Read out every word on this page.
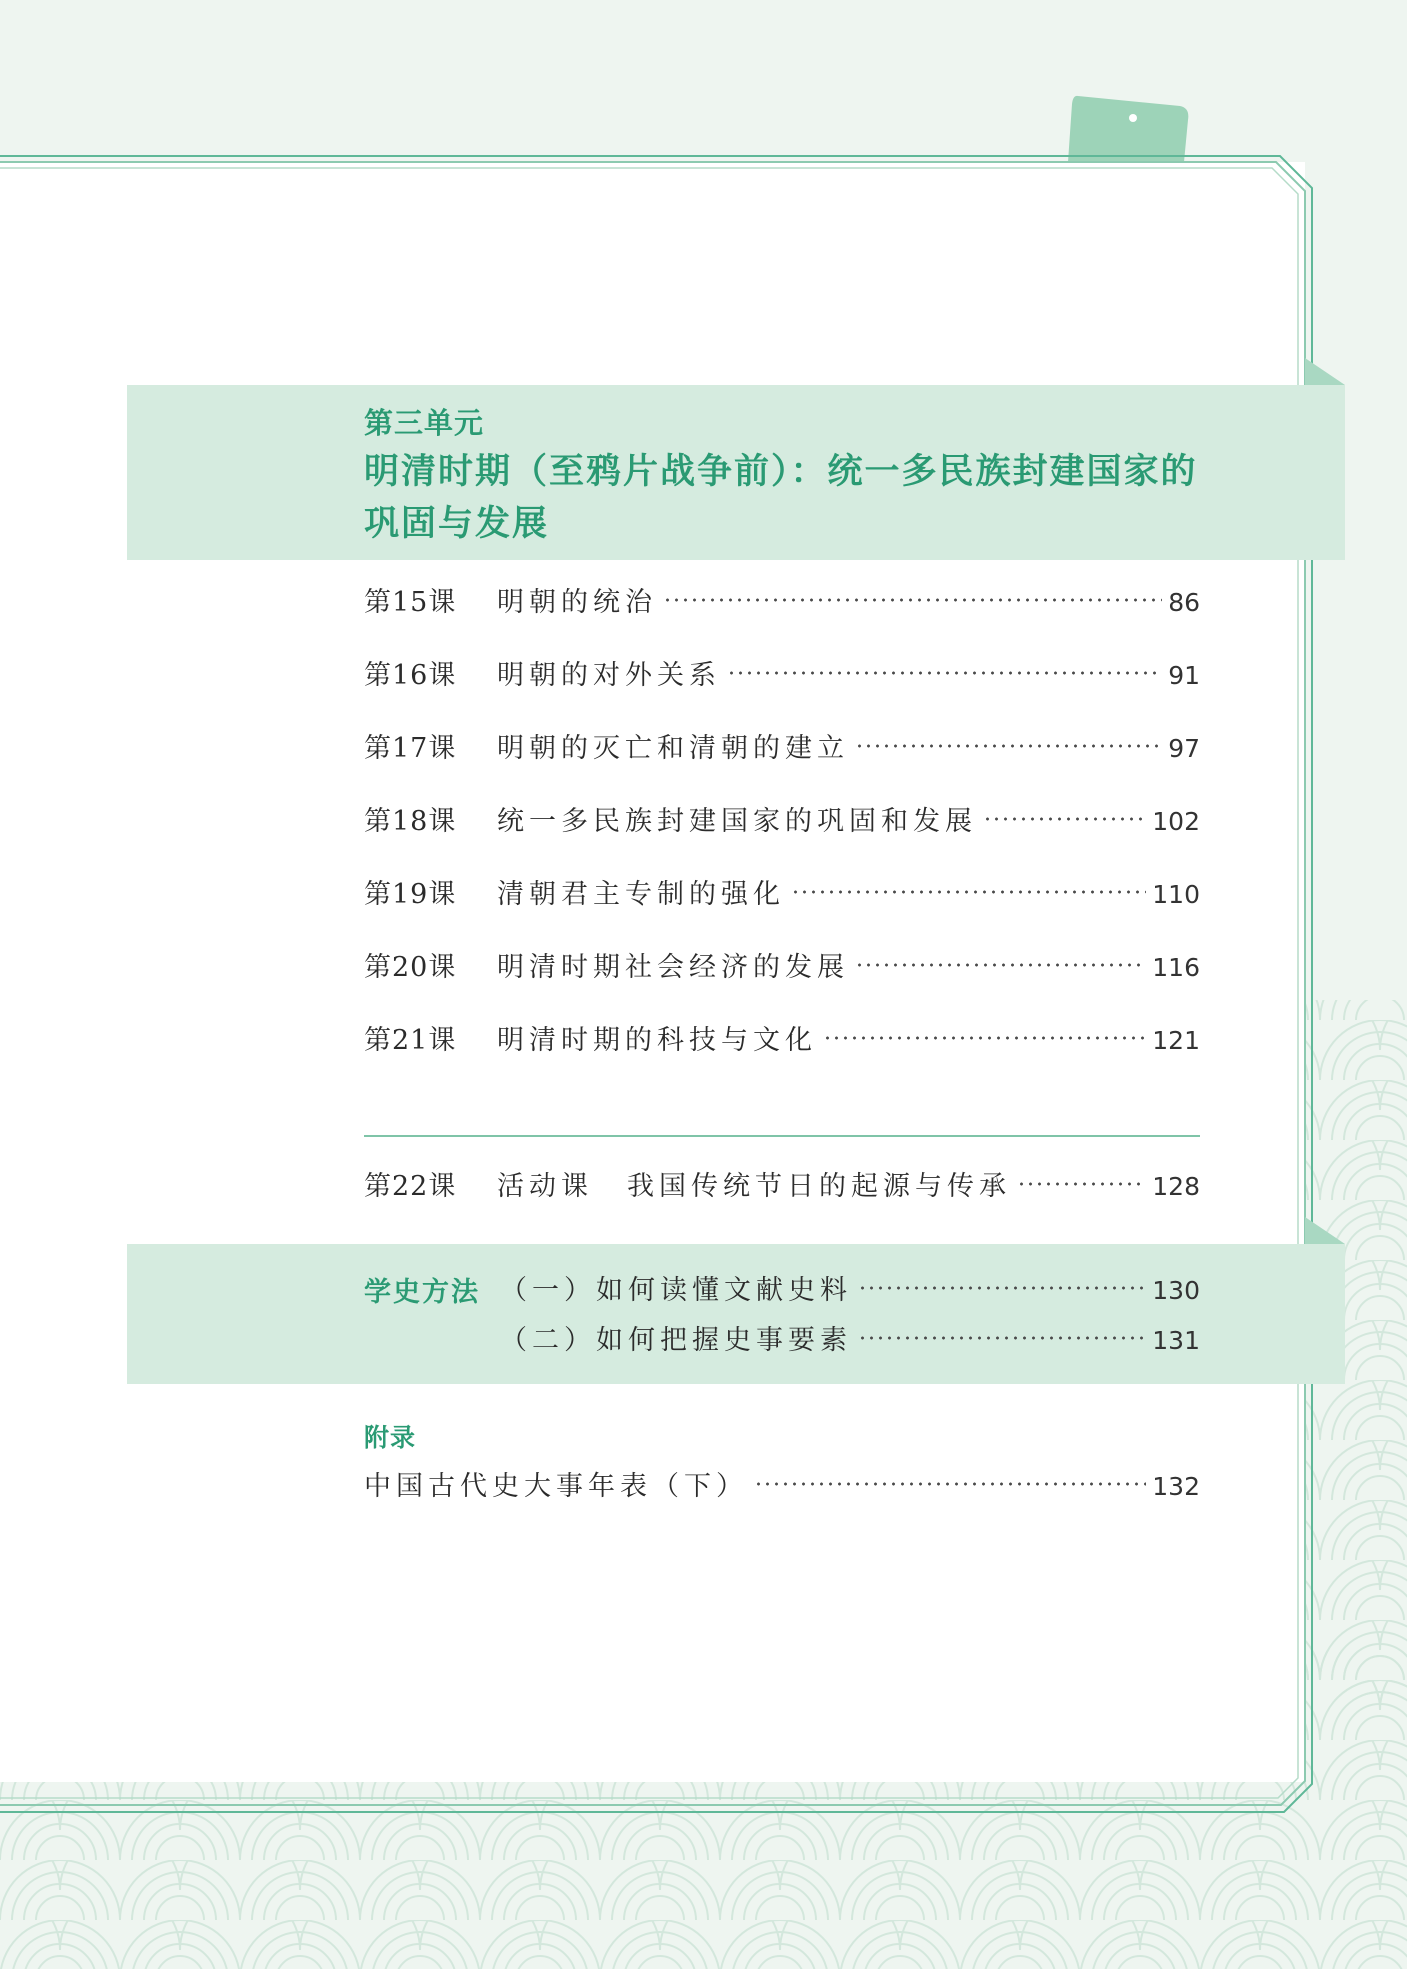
第三单元
明清时期（至鸦片战争前）：统一多民族封建国家的巩固与发展
第15课	明朝的统治	86
第16课	明朝的对外关系	91
第17课	明朝的灭亡和清朝的建立	97
第18课	统一多民族封建国家的巩固和发展	102
第19课	清朝君主专制的强化	110
第20课	明清时期社会经济的发展	116
第21课	明清时期的科技与文化	121
第22课	活动课 我国传统节日的起源与传承	128
学史方法 （一）如何读懂文献史料	130
（二）如何把握史事要素	131
附录
中国古代史大事年表（下）	132
